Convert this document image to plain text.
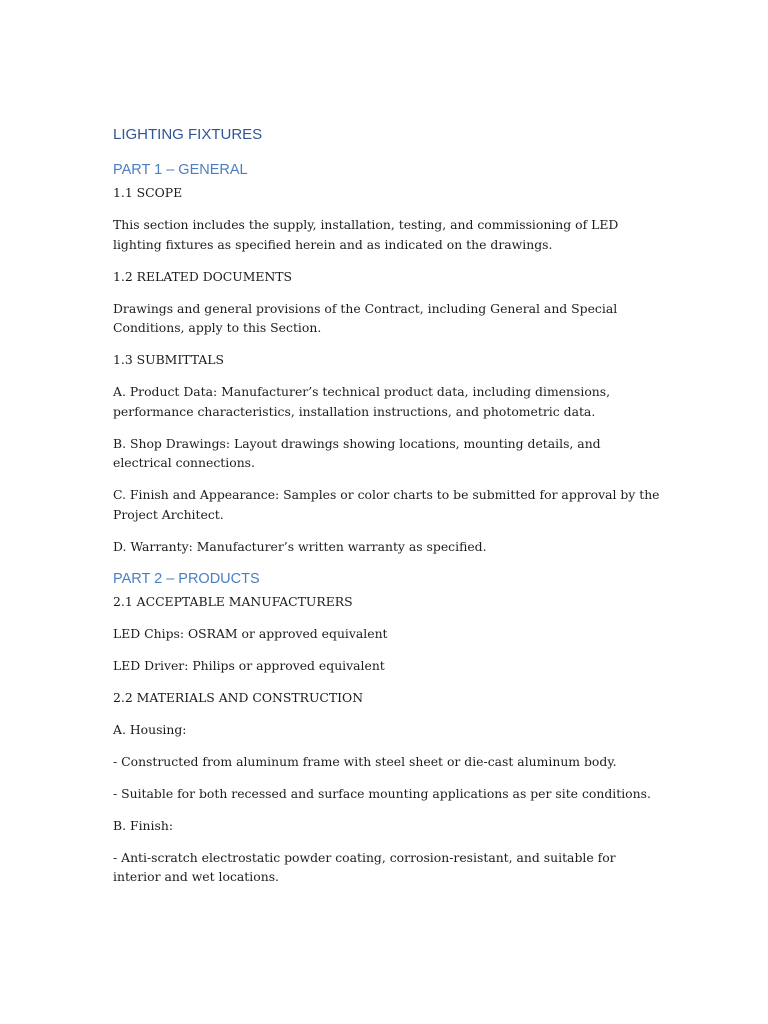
LIGHTING FIXTURES
PART 1 – GENERAL

1.1 SCOPE

This section includes the supply, installation, testing, and commissioning of LED lighting fixtures as specified herein and as indicated on the drawings.

1.2 RELATED DOCUMENTS

Drawings and general provisions of the Contract, including General and Special Conditions, apply to this Section.

1.3 SUBMITTALS

A. Product Data: Manufacturer’s technical product data, including dimensions, performance characteristics, installation instructions, and photometric data.

B. Shop Drawings: Layout drawings showing locations, mounting details, and electrical connections.

C. Finish and Appearance: Samples or color charts to be submitted for approval by the Project Architect.

D. Warranty: Manufacturer’s written warranty as specified.

PART 2 – PRODUCTS

2.1 ACCEPTABLE MANUFACTURERS

LED Chips: OSRAM or approved equivalent

LED Driver: Philips or approved equivalent

2.2 MATERIALS AND CONSTRUCTION

A. Housing:

- Constructed from aluminum frame with steel sheet or die-cast aluminum body.

- Suitable for both recessed and surface mounting applications as per site conditions.

B. Finish:

- Anti-scratch electrostatic powder coating, corrosion-resistant, and suitable for interior and wet locations.
